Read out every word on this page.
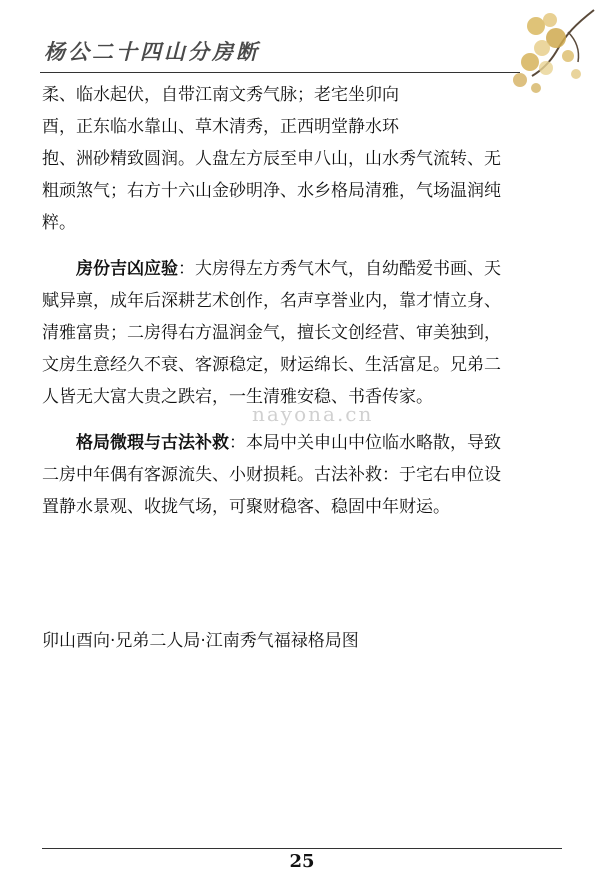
杨公二十四山分房断
柔、临水起伏，自带江南文秀气脉；老宅坐卯向
酉，正东临水靠山、草木清秀，正西明堂静水环
抱、洲砂精致圆润。人盘左方辰至申八山，山水秀气流转、无
粗顽煞气；右方十六山金砂明净、水乡格局清雅，气场温润纯
粹。
  房份吉凶应验：大房得左方秀气木气，自幼酷爱书画、天
赋异禀，成年后深耕艺术创作，名声享誉业内，靠才情立身、
清雅富贵；二房得右方温润金气，擅长文创经营、审美独到，
文房生意经久不衰、客源稳定，财运绵长、生活富足。兄弟二
人皆无大富大贵之跌宕，一生清雅安稳、书香传家。
  格局微瑕与古法补救：本局中关申山中位临水略散，导致
二房中年偶有客源流失、小财损耗。古法补救：于宅右申位设
置静水景观、收拢气场，可聚财稳客、稳固中年财运。
nayona.cn
卯山酉向·兄弟二人局·江南秀气福禄格局图
25
